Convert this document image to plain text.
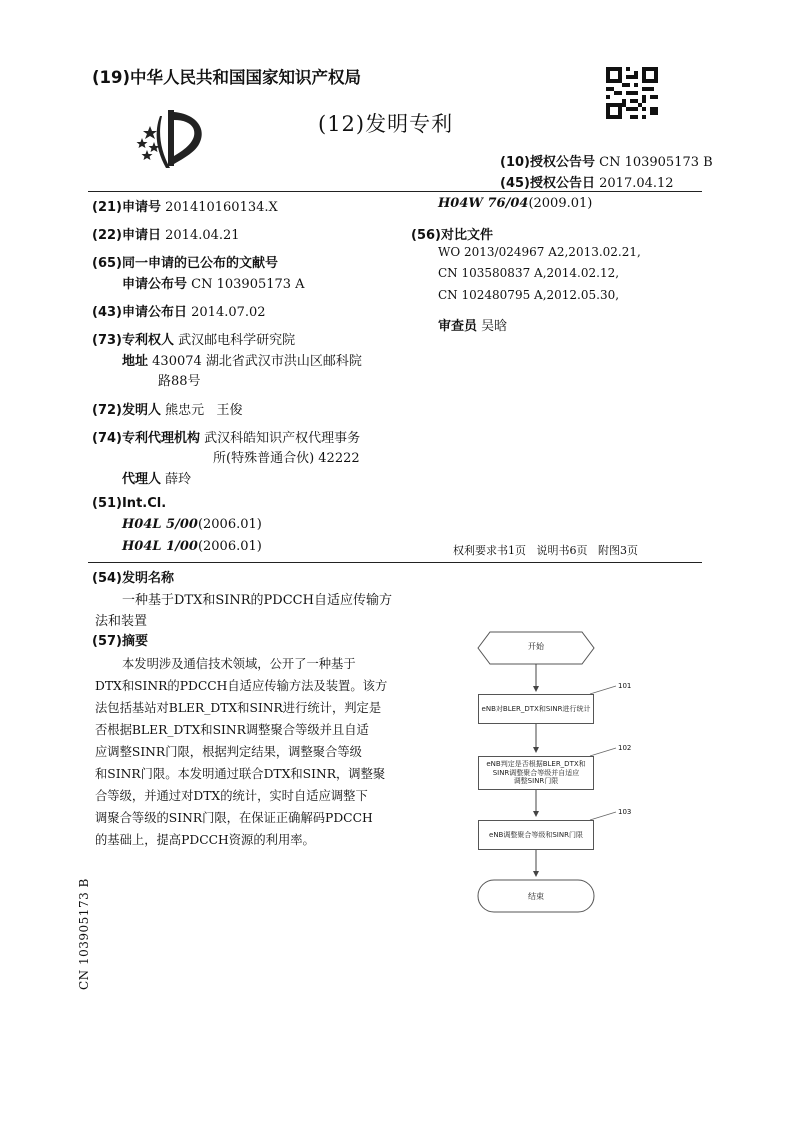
(19)中华人民共和国国家知识产权局
(12)发明专利
(10)授权公告号 CN 103905173 B
(45)授权公告日 2017.04.12
(21)申请号 201410160134.X
(22)申请日 2014.04.21
(65)同一申请的已公布的文献号
申请公布号 CN 103905173 A
(43)申请公布日 2014.07.02
(73)专利权人 武汉邮电科学研究院
地址 430074 湖北省武汉市洪山区邮科院
路88号
(72)发明人 熊忠元   王俊
(74)专利代理机构 武汉科皓知识产权代理事务
所(特殊普通合伙) 42222
代理人 薛玲
(51)Int.Cl.
H04L 5/00(2006.01)
H04L 1/00(2006.01)
H04W 76/04(2009.01)
(56)对比文件
WO 2013/024967 A2,2013.02.21,
CN 103580837 A,2014.02.12,
CN 102480795 A,2012.05.30,
审查员 吴晗
权利要求书1页   说明书6页   附图3页
(54)发明名称
一种基于DTX和SINR的PDCCH自适应传输方
法和装置
(57)摘要
本发明涉及通信技术领域，公开了一种基于
DTX和SINR的PDCCH自适应传输方法及装置。该方
法包括基站对BLER_DTX和SINR进行统计，判定是
否根据BLER_DTX和SINR调整聚合等级并且自适
应调整SINR门限，根据判定结果，调整聚合等级
和SINR门限。本发明通过联合DTX和SINR，调整聚
合等级，并通过对DTX的统计，实时自适应调整下
调聚合等级的SINR门限，在保证正确解码PDCCH
的基础上，提高PDCCH资源的利用率。
开始
eNB对BLER_DTX和SINR进行统计
eNB判定是否根据BLER_DTX和
SINR调整聚合等级并自适应
调整SINR门限
eNB调整聚合等级和SINR门限
结束
101
102
103
CN 103905173 B
